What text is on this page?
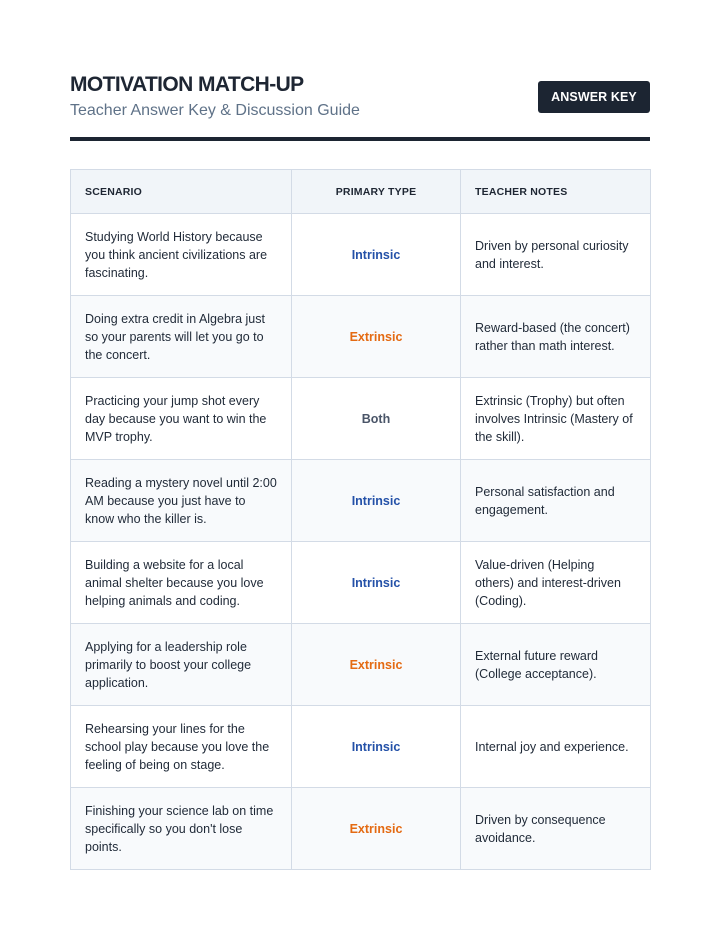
MOTIVATION MATCH-UP
Teacher Answer Key & Discussion Guide
ANSWER KEY
SCENARIO	PRIMARY TYPE	TEACHER NOTES
Studying World History because you think ancient civilizations are fascinating.	Intrinsic	Driven by personal curiosity and interest.
Doing extra credit in Algebra just so your parents will let you go to the concert.	Extrinsic	Reward-based (the concert) rather than math interest.
Practicing your jump shot every day because you want to win the MVP trophy.	Both	Extrinsic (Trophy) but often involves Intrinsic (Mastery of the skill).
Reading a mystery novel until 2:00 AM because you just have to know who the killer is.	Intrinsic	Personal satisfaction and engagement.
Building a website for a local animal shelter because you love helping animals and coding.	Intrinsic	Value-driven (Helping others) and interest-driven (Coding).
Applying for a leadership role primarily to boost your college application.	Extrinsic	External future reward (College acceptance).
Rehearsing your lines for the school play because you love the feeling of being on stage.	Intrinsic	Internal joy and experience.
Finishing your science lab on time specifically so you don't lose points.	Extrinsic	Driven by consequence avoidance.
